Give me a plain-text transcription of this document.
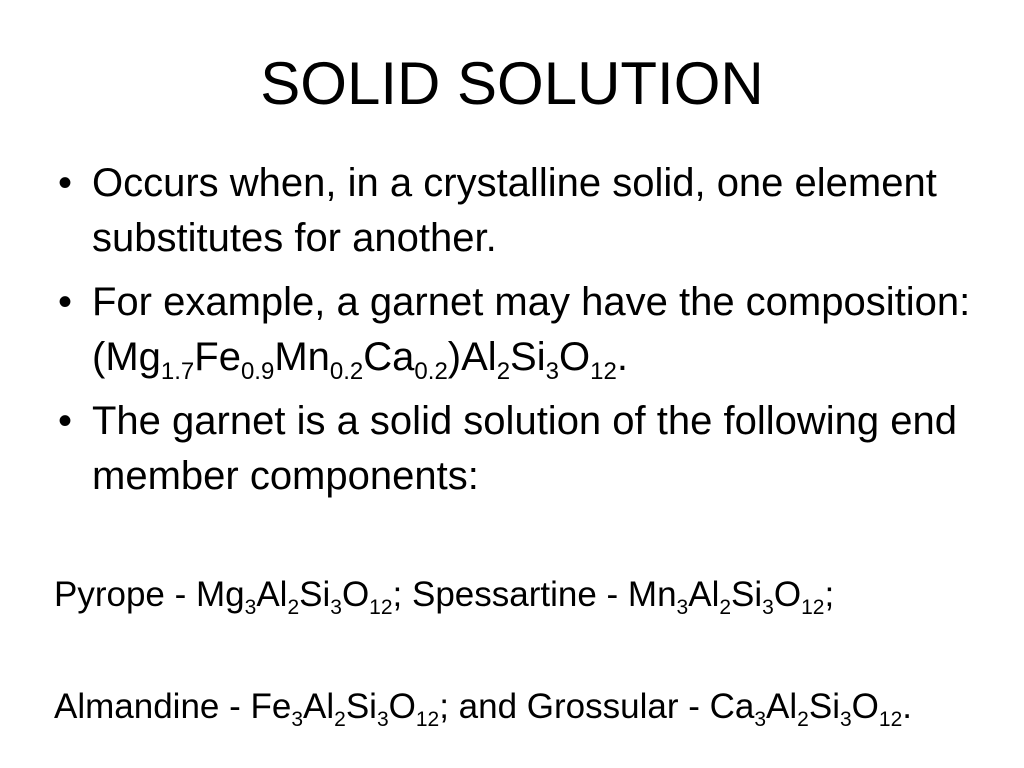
SOLID SOLUTION
• Occurs when, in a crystalline solid, one element substitutes for another.
• For example, a garnet may have the composition:
$(Mg_{1.7}Fe_{0.9}Mn_{0.2}Ca_{0.2})Al_2Si_3O_{12}$.
• The garnet is a solid solution of the following end member components:

Pyrope - $Mg_3Al_2Si_3O_{12}$; Spessartine - $Mn_3Al_2Si_3O_{12}$;

Almandine - $Fe_3Al_2Si_3O_{12}$; and Grossular - $Ca_3Al_2Si_3O_{12}$.
